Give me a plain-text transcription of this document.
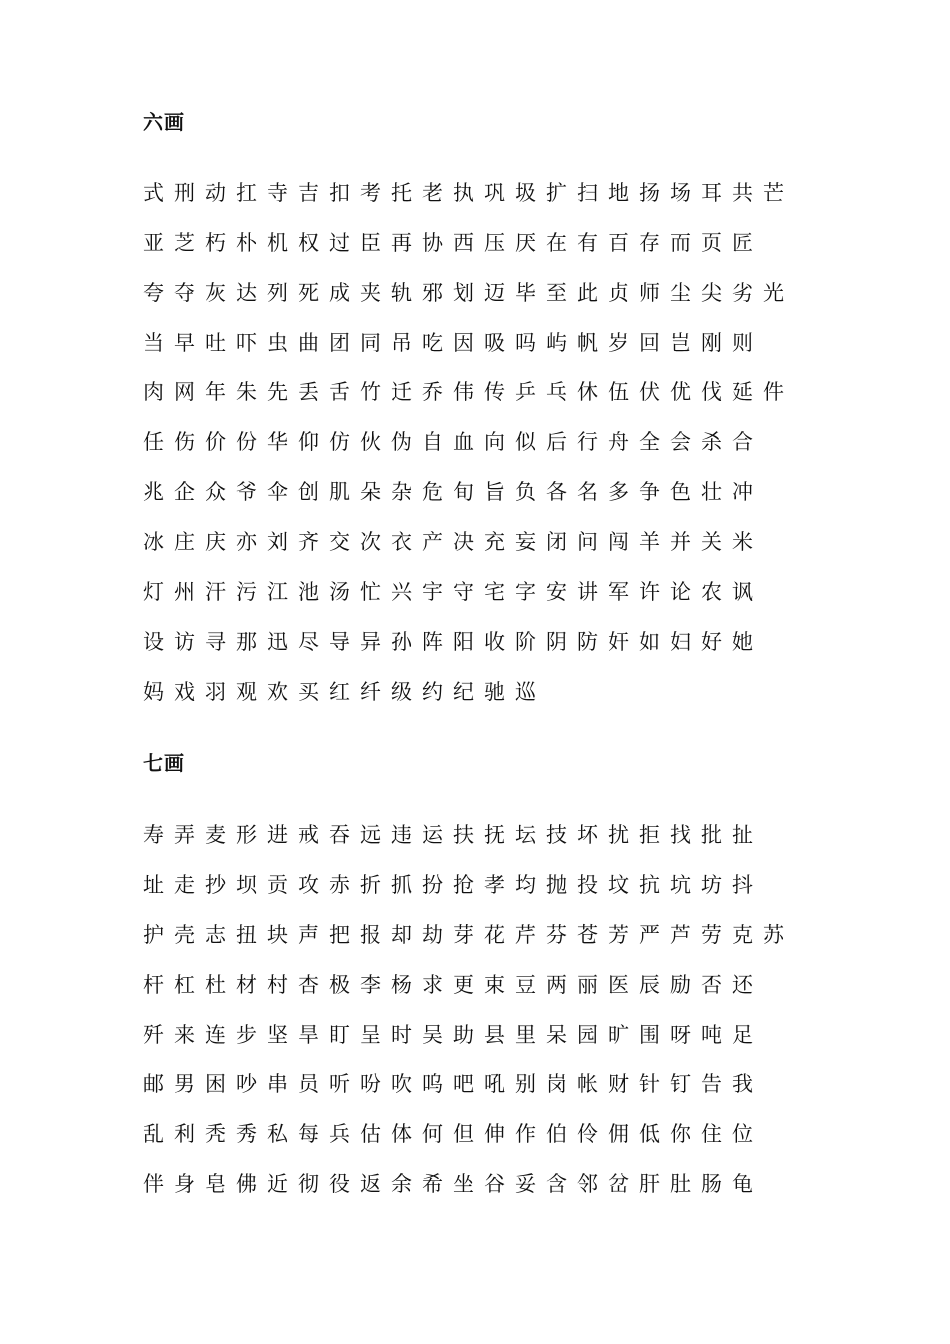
六画
式刑动扛寺吉扣考托老执巩圾扩扫地扬场耳共芒
亚芝朽朴机权过臣再协西压厌在有百存而页匠
夸夺灰达列死成夹轨邪划迈毕至此贞师尘尖劣光
当早吐吓虫曲团同吊吃因吸吗屿帆岁回岂刚则
肉网年朱先丢舌竹迁乔伟传乒乓休伍伏优伐延件
任伤价份华仰仿伙伪自血向似后行舟全会杀合
兆企众爷伞创肌朵杂危旬旨负各名多争色壮冲
冰庄庆亦刘齐交次衣产决充妄闭问闯羊并关米
灯州汗污江池汤忙兴宇守宅字安讲军许论农讽
设访寻那迅尽导异孙阵阳收阶阴防奸如妇好她
妈戏羽观欢买红纤级约纪驰巡
七画
寿弄麦形进戒吞远违运扶抚坛技坏扰拒找批扯
址走抄坝贡攻赤折抓扮抢孝均抛投坟抗坑坊抖
护壳志扭块声把报却劫芽花芹芬苍芳严芦劳克苏
杆杠杜材村杏极李杨求更束豆两丽医辰励否还
歼来连步坚旱盯呈时吴助县里呆园旷围呀吨足
邮男困吵串员听吩吹呜吧吼别岗帐财针钉告我
乱利秃秀私每兵估体何但伸作伯伶佣低你住位
伴身皂佛近彻役返余希坐谷妥含邻岔肝肚肠龟
